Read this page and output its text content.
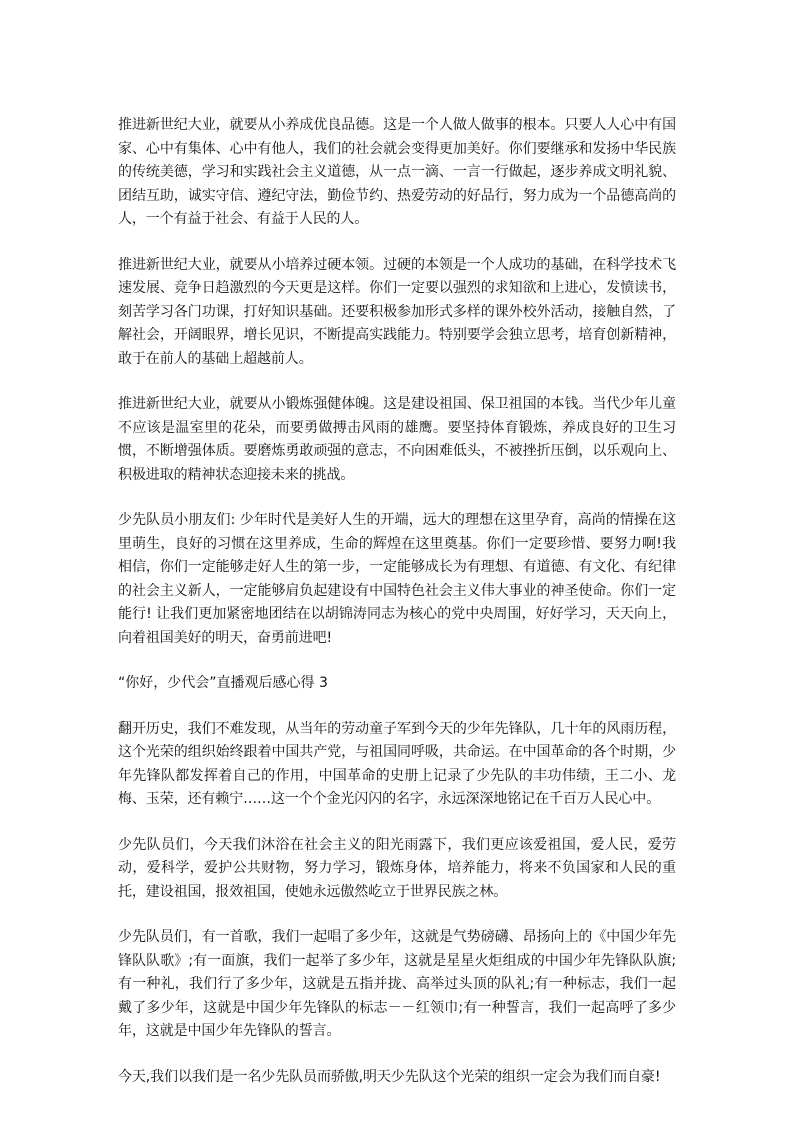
推进新世纪大业，就要从小养成优良品德。这是一个人做人做事的根本。只要人人心中有国家、心中有集体、心中有他人，我们的社会就会变得更加美好。你们要继承和发扬中华民族的传统美德，学习和实践社会主义道德，从一点一滴、一言一行做起，逐步养成文明礼貌、团结互助，诚实守信、遵纪守法，勤俭节约、热爱劳动的好品行，努力成为一个品德高尚的人，一个有益于社会、有益于人民的人。

推进新世纪大业，就要从小培养过硬本领。过硬的本领是一个人成功的基础，在科学技术飞速发展、竞争日趋激烈的今天更是这样。你们一定要以强烈的求知欲和上进心，发愤读书，刻苦学习各门功课，打好知识基础。还要积极参加形式多样的课外校外活动，接触自然，了解社会，开阔眼界，增长见识，不断提高实践能力。特别要学会独立思考，培育创新精神，敢于在前人的基础上超越前人。

推进新世纪大业，就要从小锻炼强健体魄。这是建设祖国、保卫祖国的本钱。当代少年儿童不应该是温室里的花朵，而要勇做搏击风雨的雄鹰。要坚持体育锻炼，养成良好的卫生习惯，不断增强体质。要磨炼勇敢顽强的意志，不向困难低头，不被挫折压倒，以乐观向上、积极进取的精神状态迎接未来的挑战。

少先队员小朋友们: 少年时代是美好人生的开端，远大的理想在这里孕育，高尚的情操在这里萌生，良好的习惯在这里养成，生命的辉煌在这里奠基。你们一定要珍惜、要努力啊!我相信，你们一定能够走好人生的第一步，一定能够成长为有理想、有道德、有文化、有纪律的社会主义新人，一定能够肩负起建设有中国特色社会主义伟大事业的神圣使命。你们一定能行! 让我们更加紧密地团结在以胡锦涛同志为核心的党中央周围，好好学习，天天向上，向着祖国美好的明天，奋勇前进吧!

“你好，少代会”直播观后感心得 3

翻开历史，我们不难发现，从当年的劳动童子军到今天的少年先锋队，几十年的风雨历程，这个光荣的组织始终跟着中国共产党，与祖国同呼吸，共命运。在中国革命的各个时期，少年先锋队都发挥着自己的作用，中国革命的史册上记录了少先队的丰功伟绩，王二小、龙梅、玉荣，还有赖宁……这一个个金光闪闪的名字，永远深深地铭记在千百万人民心中。

少先队员们，今天我们沐浴在社会主义的阳光雨露下，我们更应该爱祖国，爱人民，爱劳动，爱科学，爱护公共财物，努力学习，锻炼身体，培养能力，将来不负国家和人民的重托，建设祖国，报效祖国，使她永远傲然屹立于世界民族之林。

少先队员们，有一首歌，我们一起唱了多少年，这就是气势磅礴、昂扬向上的《中国少年先锋队队歌》;有一面旗，我们一起举了多少年，这就是星星火炬组成的中国少年先锋队队旗;有一种礼，我们行了多少年，这就是五指并拢、高举过头顶的队礼;有一种标志，我们一起戴了多少年，这就是中国少年先锋队的标志－－红领巾;有一种誓言，我们一起高呼了多少年，这就是中国少年先锋队的誓言。

今天,我们以我们是一名少先队员而骄傲,明天少先队这个光荣的组织一定会为我们而自豪!
